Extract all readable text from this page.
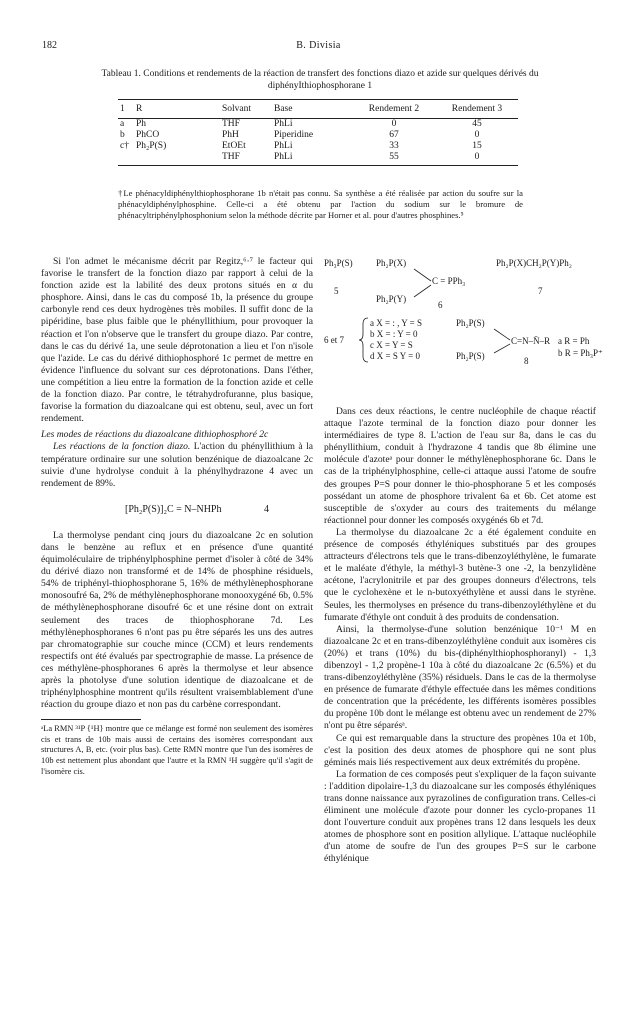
182	B. Divisia
Tableau 1. Conditions et rendements de la réaction de transfert des fonctions diazo et azide sur quelques dérivés du diphényIthiophosphorane 1
1	R	Solvant	Base	Rendement 2	Rendement 3
a	Ph	THF	PhLi	0	45
b	PhCO	PhH	Piperidine	67	0
c†	Ph₂P(S)	EtOEt	PhLi	33	15
		THF	PhLi	55	0
†Le phénacyldiphénylthiophosphorane 1b n'était pas connu. Sa synthèse a été réalisée par action du soufre sur la phénacyldiphénylphosphine. Celle-ci a été obtenu par l'action du sodium sur le bromure de phénacyltriphénylphosphonium selon la méthode décrite par Horner et al. pour d'autres phosphines.⁵

Si l'on admet le mécanisme décrit par Regitz,⁶·⁷ le facteur qui favorise le transfert de la fonction diazo par rapport à celui de la fonction azide est la labilité des deux protons situés en α du phosphore. Ainsi, dans le cas du composé 1b, la présence du groupe carbonyle rend ces deux hydrogènes très mobiles. Il suffit donc de la pipéridine, base plus faible que le phényllithium, pour provoquer la réaction et l'on n'observe que le transfert du groupe diazo. Par contre, dans le cas du dérivé 1a, une seule déprotonation a lieu et l'on n'isole que l'azide. Le cas du dérivé dithiophosphoré 1c permet de mettre en évidence l'influence du solvant sur ces déprotonations. Dans l'éther, une compétition a lieu entre la formation de la fonction azide et celle de la fonction diazo. Par contre, le tétrahydrofuranne, plus basique, favorise la formation du diazoalcane qui est obtenu, seul, avec un fort rendement.

Les modes de réactions du diazoalcane dithiophosphoré 2c

Les réactions de la fonction diazo. L'action du phényllithium à la température ordinaire sur une solution benzénique de diazoalcane 2c suivie d'une hydrolyse conduit à la phénylhydrazone 4 avec un rendement de 89%.

[Ph₂P(S)]₂C = N–NHPh	4

La thermolyse pendant cinq jours du diazoalcane 2c en solution dans le benzène au reflux et en présence d'une quantité équimoléculaire de triphénylphosphine permet d'isoler à côté de 34% du dérivé diazo non transformé et de 14% de phosphine résiduels, 54% de triphényl-thiophosphorane 5, 16% de méthylènephosphorane monosoufré 6a, 2% de méthylènephosphorane monooxygéné 6b, 0.5% de méthylènephosphorane disoufré 6c et une résine dont on extrait seulement des traces de thiophosphorane 7d. Les méthylènephosphoranes 6 n'ont pas pu être séparés les uns des autres par chromatographie sur couche mince (CCM) et leurs rendements respectifs ont été évalués par spectrographie de masse. La présence de ces méthylène-phosphoranes 6 après la thermolyse et leur absence après la photolyse d'une solution identique de diazoalcane et de triphénylphosphine montrent qu'ils résultent vraisemblablement d'une réaction du groupe diazo et non pas du carbène correspondant.

ᵃLa RMN ³¹P {¹H} montre que ce mélange est formé non seulement des isomères cis et trans de 10b mais aussi de certains des isomères correspondant aux structures A, B, etc. (voir plus bas). Cette RMN montre que l'un des isomères de 10b est nettement plus abondant que l'autre et la RMN ¹H suggère qu'il s'agit de l'isomère cis.
Ph₃P(S)
5
Ph₂P(X)
C = PPh₃
Ph₂P(Y)
6
Ph₂P(X)CH₂P(Y)Ph₂
7
6 et 7
a X = : , Y = S
b X = : Y = 0
c X = Y = S
d X = S Y = 0
Ph₂P(S)
C=N–N̄–R
Ph₂P(S)	8
a R = Ph
b R = Ph₃P⁺

Dans ces deux réactions, le centre nucléophile de chaque réactif attaque l'azote terminal de la fonction diazo pour donner les intermédiaires de type 8. L'action de l'eau sur 8a, dans le cas du phényllithium, conduit à l'hydrazone 4 tandis que 8b élimine une molécule d'azoteᵃ pour donner le méthylènephosphorane 6c. Dans le cas de la triphénylphosphine, celle-ci attaque aussi l'atome de soufre des groupes P=S pour donner le thio-phosphorane 5 et les composés possédant un atome de phosphore trivalent 6a et 6b. Cet atome est susceptible de s'oxyder au cours des traitements du mélange réactionnel pour donner les composés oxygénés 6b et 7d.

La thermolyse du diazoalcane 2c a été également conduite en présence de composés éthyléniques substitués par des groupes attracteurs d'électrons tels que le trans-dibenzoyléthylène, le fumarate et le maléate d'éthyle, la méthyl-3 butène-3 one -2, la benzylidène acétone, l'acrylonitrile et par des groupes donneurs d'électrons, tels que le cyclohexène et le n-butoxyéthylène et aussi dans le styrène. Seules, les thermolyses en présence du trans-dibenzoyléthylène et du fumarate d'éthyle ont conduit à des produits de condensation.

Ainsi, la thermolyse-d'une solution benzénique 10⁻¹ M en diazoalcane 2c et en trans-dibenzoyléthylène conduit aux isomères cis (20%) et trans (10%) du bis-(diphénylthiophosphoranyl) - 1,3 dibenzoyl - 1,2 propène-1 10a à côté du diazoalcane 2c (6.5%) et du trans-dibenzoyléthylène (35%) résiduels. Dans le cas de la thermolyse en présence de fumarate d'éthyle effectuée dans les mêmes conditions de concentration que la précédente, les différents isomères possibles du propène 10b dont le mélange est obtenu avec un rendement de 27% n'ont pu être séparésᵃ.

Ce qui est remarquable dans la structure des propènes 10a et 10b, c'est la position des deux atomes de phosphore qui ne sont plus géminés mais liés respectivement aux deux extrémités du propène.

La formation de ces composés peut s'expliquer de la façon suivante : l'addition dipolaire-1,3 du diazoalcane sur les composés éthyléniques trans donne naissance aux pyrazolines de configuration trans. Celles-ci éliminent une molécule d'azote pour donner les cyclo-propanes 11 dont l'ouverture conduit aux propènes trans 12 dans lesquels les deux atomes de phosphore sont en position allylique. L'attaque nucléophile d'un atome de soufre de l'un des groupes P=S sur le carbone éthylénique
